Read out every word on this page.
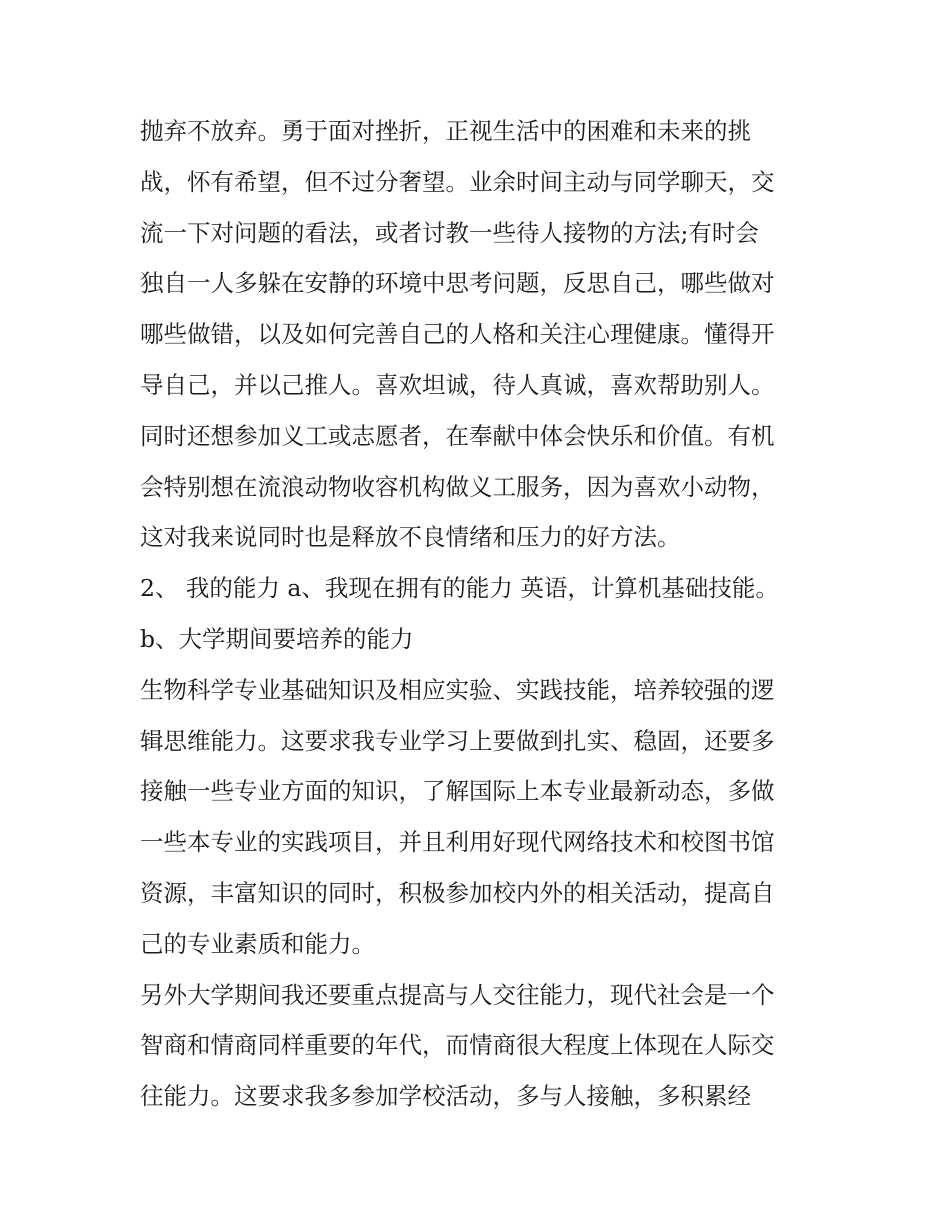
抛弃不放弃。勇于面对挫折，正视生活中的困难和未来的挑
战，怀有希望，但不过分奢望。业余时间主动与同学聊天，交
流一下对问题的看法，或者讨教一些待人接物的方法;有时会
独自一人多躲在安静的环境中思考问题，反思自己，哪些做对
哪些做错，以及如何完善自己的人格和关注心理健康。懂得开
导自己，并以己推人。喜欢坦诚，待人真诚，喜欢帮助别人。
同时还想参加义工或志愿者，在奉献中体会快乐和价值。有机
会特别想在流浪动物收容机构做义工服务，因为喜欢小动物，
这对我来说同时也是释放不良情绪和压力的好方法。
2、 我的能力 a、我现在拥有的能力 英语，计算机基础技能。
b、大学期间要培养的能力
生物科学专业基础知识及相应实验、实践技能，培养较强的逻
辑思维能力。这要求我专业学习上要做到扎实、稳固，还要多
接触一些专业方面的知识，了解国际上本专业最新动态，多做
一些本专业的实践项目，并且利用好现代网络技术和校图书馆
资源，丰富知识的同时，积极参加校内外的相关活动，提高自
己的专业素质和能力。
另外大学期间我还要重点提高与人交往能力，现代社会是一个
智商和情商同样重要的年代，而情商很大程度上体现在人际交
往能力。这要求我多参加学校活动，多与人接触，多积累经
